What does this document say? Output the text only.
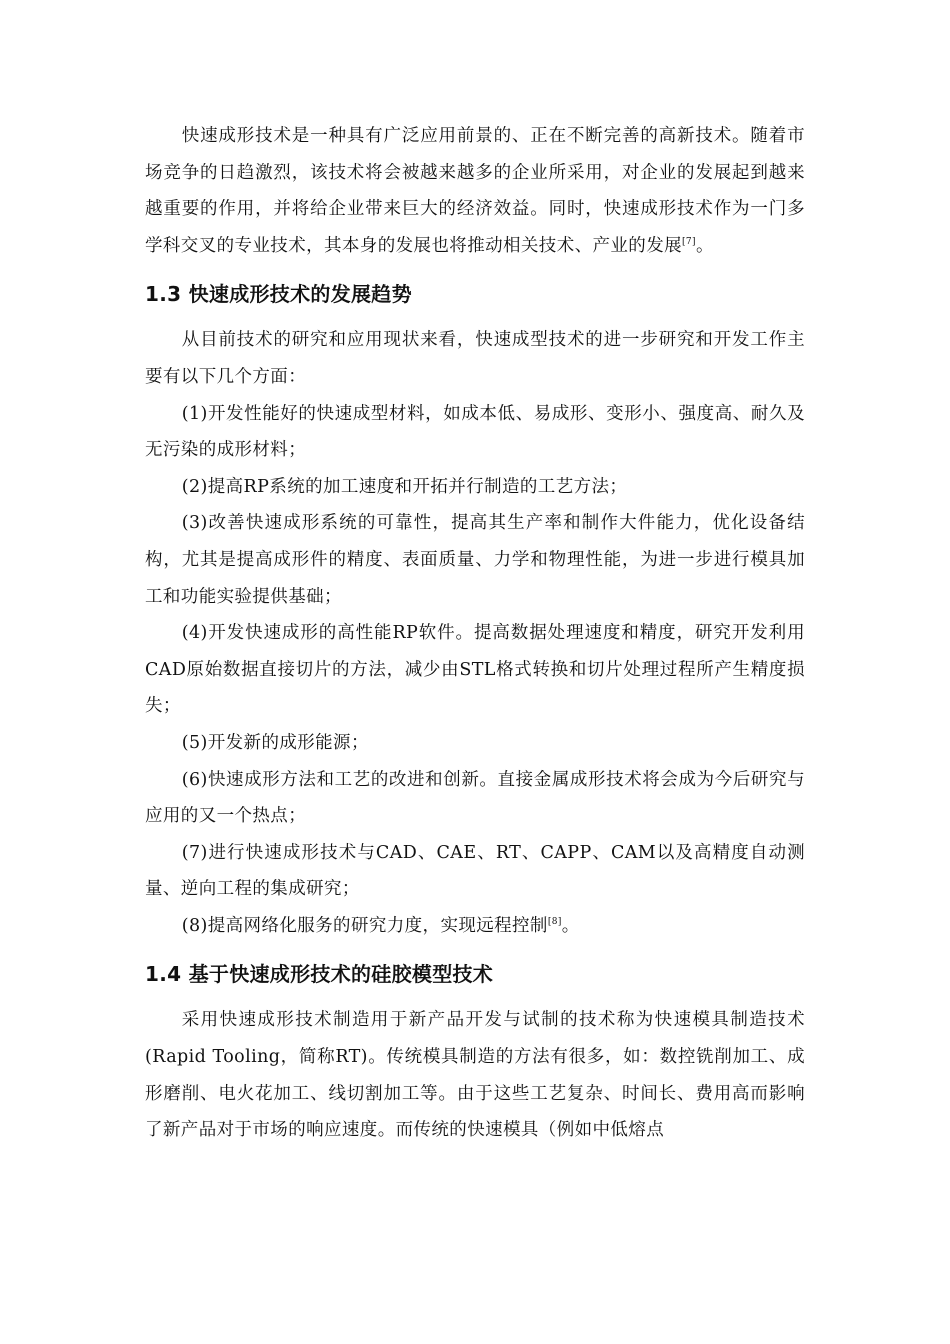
快速成形技术是一种具有广泛应用前景的、正在不断完善的高新技术。随着市场竞争的日趋激烈，该技术将会被越来越多的企业所采用，对企业的发展起到越来越重要的作用，并将给企业带来巨大的经济效益。同时，快速成形技术作为一门多学科交叉的专业技术，其本身的发展也将推动相关技术、产业的发展[7]。

1.3 快速成形技术的发展趋势

从目前技术的研究和应用现状来看，快速成型技术的进一步研究和开发工作主要有以下几个方面：

(1)开发性能好的快速成型材料，如成本低、易成形、变形小、强度高、耐久及无污染的成形材料；

(2)提高RP系统的加工速度和开拓并行制造的工艺方法；

(3)改善快速成形系统的可靠性，提高其生产率和制作大件能力，优化设备结构，尤其是提高成形件的精度、表面质量、力学和物理性能，为进一步进行模具加工和功能实验提供基础；

(4)开发快速成形的高性能RP软件。提高数据处理速度和精度，研究开发利用CAD原始数据直接切片的方法，减少由STL格式转换和切片处理过程所产生精度损失；

(5)开发新的成形能源；

(6)快速成形方法和工艺的改进和创新。直接金属成形技术将会成为今后研究与应用的又一个热点；

(7)进行快速成形技术与CAD、CAE、RT、CAPP、CAM以及高精度自动测量、逆向工程的集成研究；

(8)提高网络化服务的研究力度，实现远程控制[8]。

1.4 基于快速成形技术的硅胶模型技术

采用快速成形技术制造用于新产品开发与试制的技术称为快速模具制造技术(Rapid Tooling，简称RT)。传统模具制造的方法有很多，如：数控铣削加工、成形磨削、电火花加工、线切割加工等。由于这些工艺复杂、时间长、费用高而影响了新产品对于市场的响应速度。而传统的快速模具（例如中低熔点
